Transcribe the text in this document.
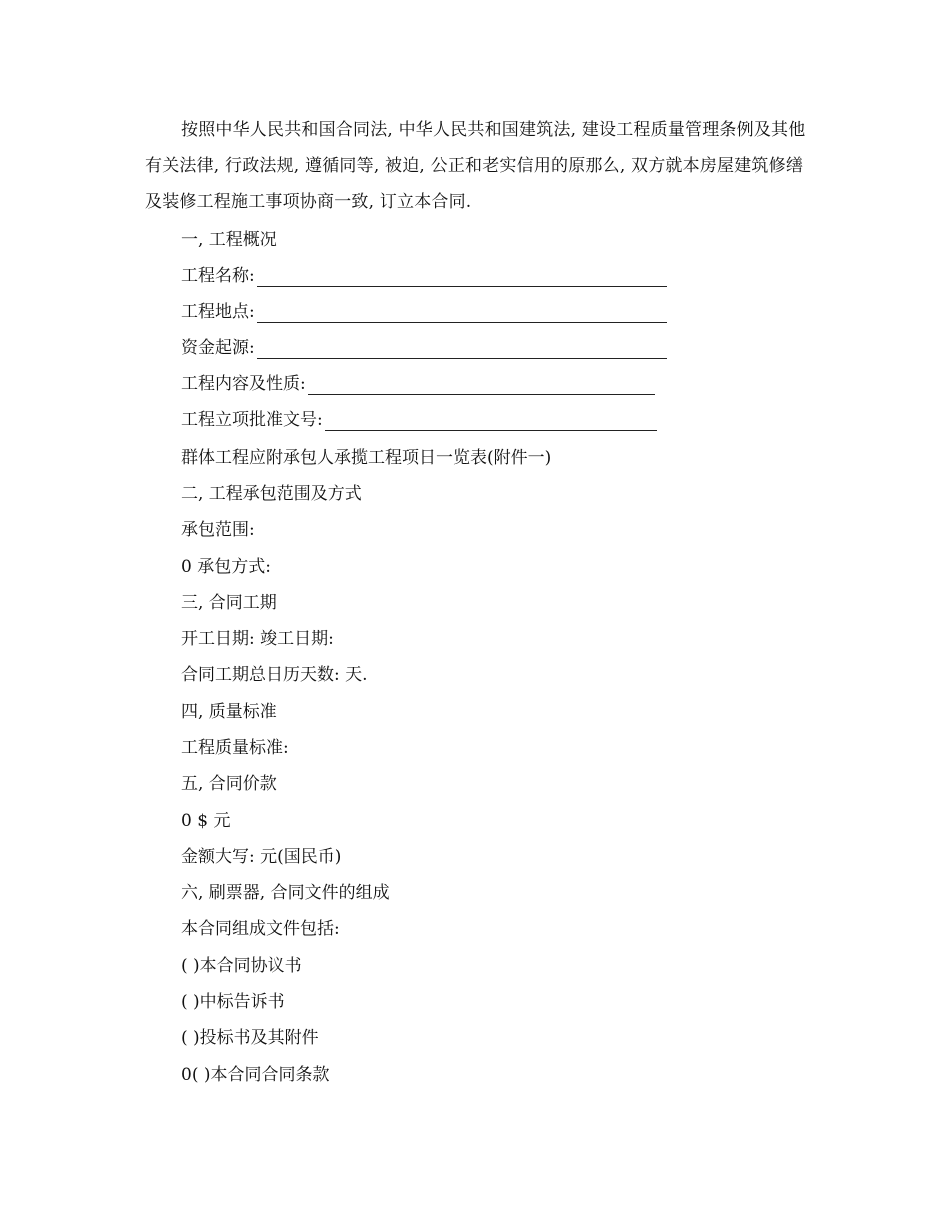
按照中华人民共和国合同法, 中华人民共和国建筑法, 建设工程质量管理条例及其他有关法律, 行政法规, 遵循同等, 被迫, 公正和老实信用的原那么, 双方就本房屋建筑修缮及装修工程施工事项协商一致, 订立本合同.

一, 工程概况
工程名称:
工程地点:
资金起源:
工程内容及性质:
工程立项批准文号:
群体工程应附承包人承揽工程项日一览表(附件一)
二, 工程承包范围及方式
承包范围:
0 承包方式:
三, 合同工期
开工日期: 竣工日期:
合同工期总日历天数: 天.
四, 质量标准
工程质量标准:
五, 合同价款
0 $ 元
金额大写: 元(国民币)
六, 刷票器, 合同文件的组成
本合同组成文件包括:
( )本合同协议书
( )中标告诉书
( )投标书及其附件
0( )本合同合同条款
